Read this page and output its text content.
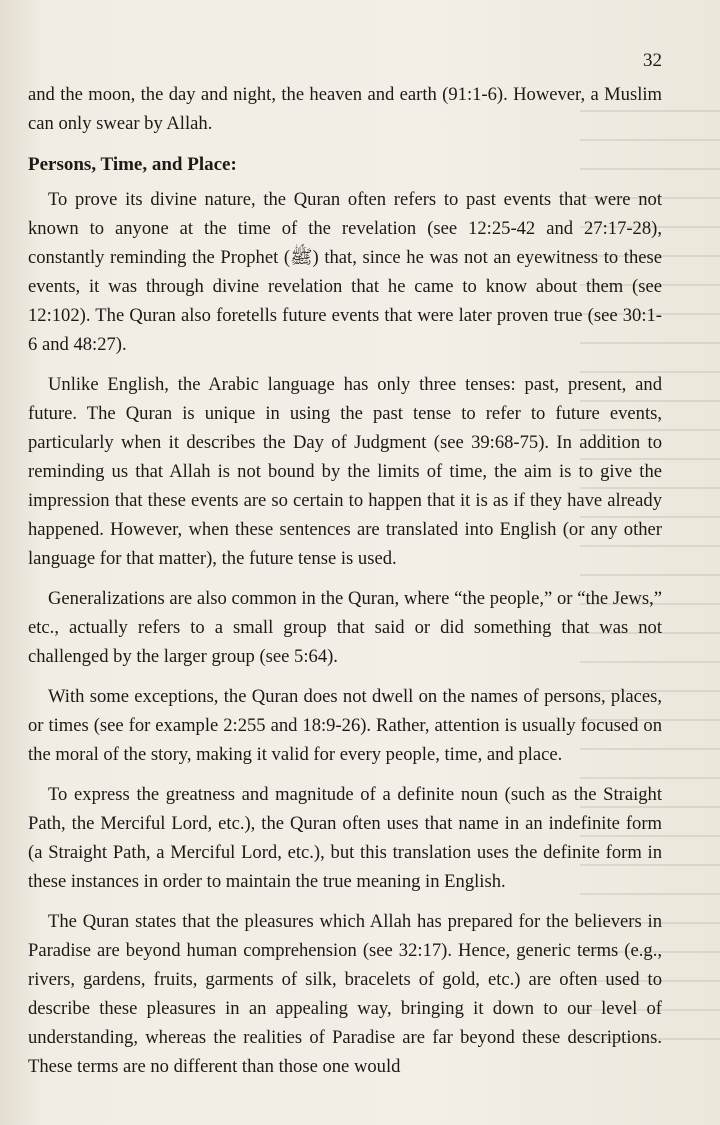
32

and the moon, the day and night, the heaven and earth (91:1-6). However, a Muslim can only swear by Allah.

Persons, Time, and Place:

To prove its divine nature, the Quran often refers to past events that were not known to anyone at the time of the revelation (see 12:25-42 and 27:17-28), constantly reminding the Prophet (ﷺ) that, since he was not an eyewitness to these events, it was through divine revelation that he came to know about them (see 12:102). The Quran also foretells future events that were later proven true (see 30:1-6 and 48:27).

Unlike English, the Arabic language has only three tenses: past, present, and future. The Quran is unique in using the past tense to refer to future events, particularly when it describes the Day of Judgment (see 39:68-75). In addition to reminding us that Allah is not bound by the limits of time, the aim is to give the impression that these events are so certain to happen that it is as if they have already happened. However, when these sentences are translated into English (or any other language for that matter), the future tense is used.

Generalizations are also common in the Quran, where “the people,” or “the Jews,” etc., actually refers to a small group that said or did something that was not challenged by the larger group (see 5:64).

With some exceptions, the Quran does not dwell on the names of persons, places, or times (see for example 2:255 and 18:9-26). Rather, attention is usually focused on the moral of the story, making it valid for every people, time, and place.

To express the greatness and magnitude of a definite noun (such as the Straight Path, the Merciful Lord, etc.), the Quran often uses that name in an indefinite form (a Straight Path, a Merciful Lord, etc.), but this translation uses the definite form in these instances in order to maintain the true meaning in English.

The Quran states that the pleasures which Allah has prepared for the believers in Paradise are beyond human comprehension (see 32:17). Hence, generic terms (e.g., rivers, gardens, fruits, garments of silk, bracelets of gold, etc.) are often used to describe these pleasures in an appealing way, bringing it down to our level of understanding, whereas the realities of Paradise are far beyond these descriptions. These terms are no different than those one would
